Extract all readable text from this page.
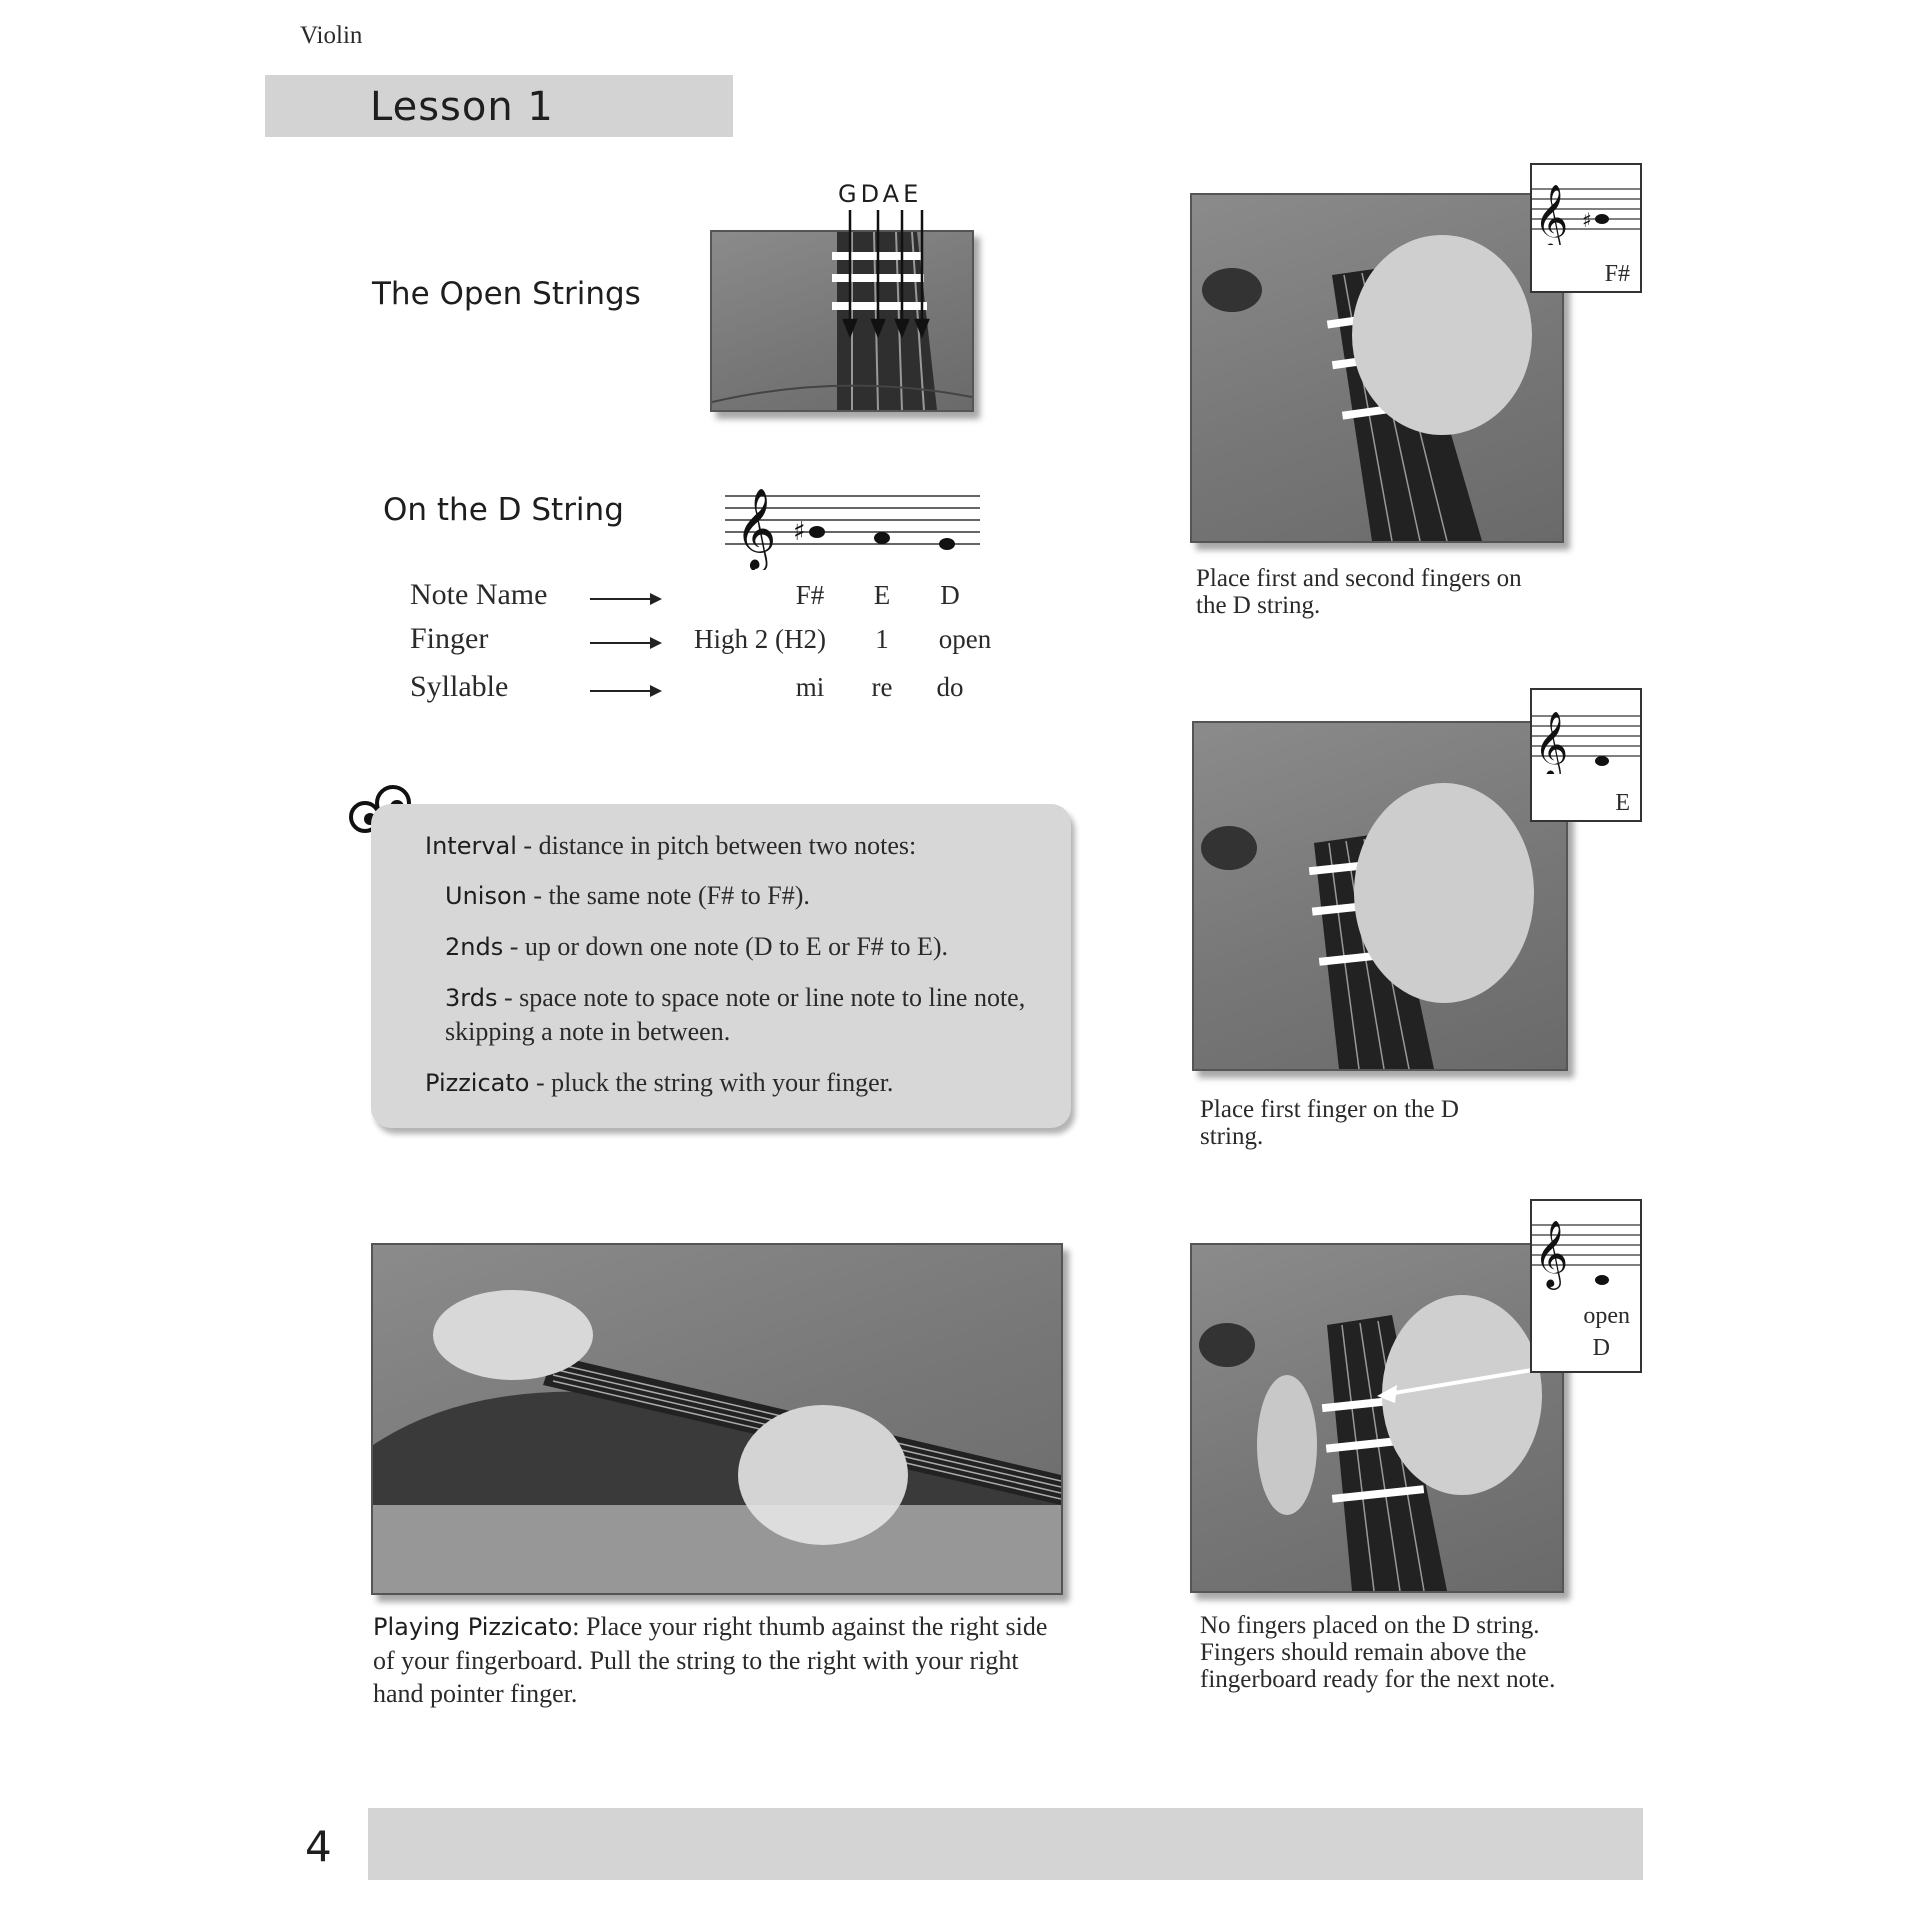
Violin
Lesson 1
The Open Strings
GDAE
On the D String 𝄞 ♯
Note Name	F#	E	D
Finger	High 2 (H2)	1	open
Syllable	mi	re	do
Interval - distance in pitch between two notes:
Unison - the same note (F# to F#).
2nds - up or down one note (D to E or F# to E).
3rds - space note to space note or line note to line note, skipping a note in between.
Pizzicato - pluck the string with your finger.
Playing Pizzicato: Place your right thumb against the right side of your fingerboard. Pull the string to the right with your right hand pointer finger.
𝄞 ♯
F#
Place first and second fingers on the D string.
𝄞
E
Place first finger on the D string.
𝄞
open
D
No fingers placed on the D string. Fingers should remain above the fingerboard ready for the next note.
4
